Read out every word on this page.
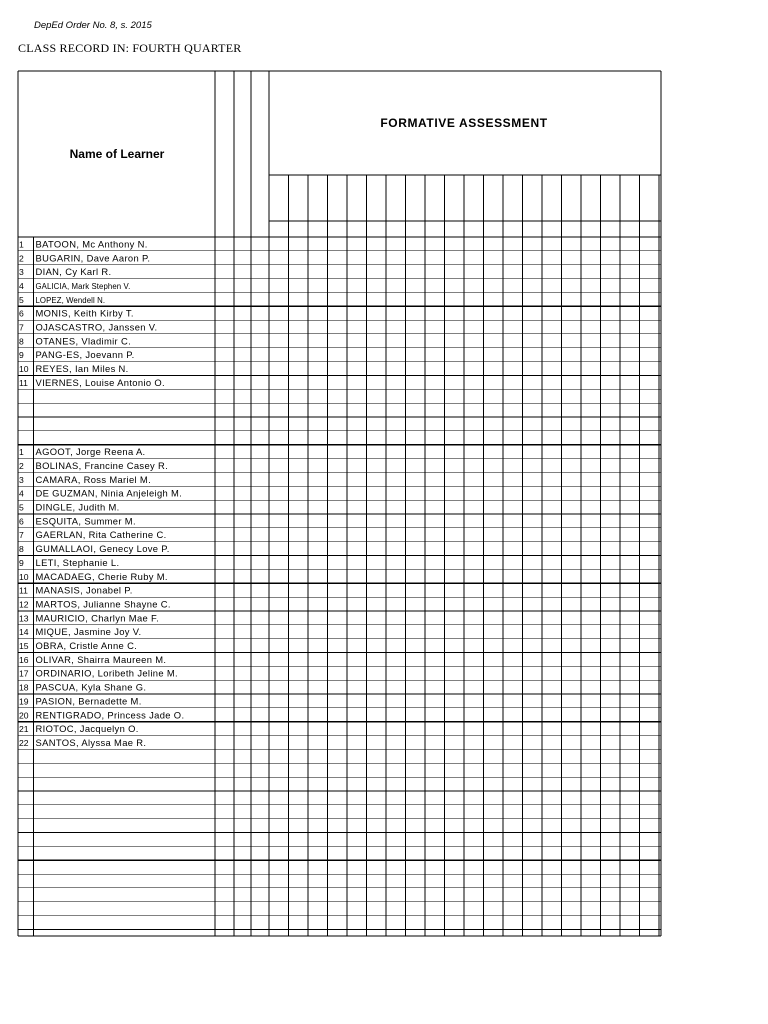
DepEd Order No. 8, s. 2015
CLASS RECORD IN: FOURTH QUARTER
Name of Learner
FORMATIVE ASSESSMENT
1 BATOON, Mc Anthony N.
2 BUGARIN, Dave Aaron P.
3 DIAN, Cy Karl R.
4 GALICIA, Mark Stephen V.
5 LOPEZ, Wendell N.
6 MONIS, Keith Kirby T.
7 OJASCASTRO, Janssen V.
8 OTANES, Vladimir C.
9 PANG-ES, Joevann P.
10 REYES, Ian Miles N.
11 VIERNES, Louise Antonio O.
1 AGOOT, Jorge Reena A.
2 BOLINAS, Francine Casey R.
3 CAMARA, Ross Mariel M.
4 DE GUZMAN, Ninia Anjeleigh M.
5 DINGLE, Judith M.
6 ESQUITA, Summer M.
7 GAERLAN, Rita Catherine C.
8 GUMALLAOI, Genecy Love P.
9 LETI, Stephanie L.
10 MACADAEG, Cherie Ruby M.
11 MANASIS, Jonabel P.
12 MARTOS, Julianne Shayne C.
13 MAURICIO, Charlyn Mae F.
14 MIQUE, Jasmine Joy V.
15 OBRA, Cristle Anne C.
16 OLIVAR, Shairra Maureen M.
17 ORDINARIO, Loribeth Jeline M.
18 PASCUA, Kyla Shane G.
19 PASION, Bernadette M.
20 RENTIGRADO, Princess Jade O.
21 RIOTOC, Jacquelyn O.
22 SANTOS, Alyssa Mae R.
